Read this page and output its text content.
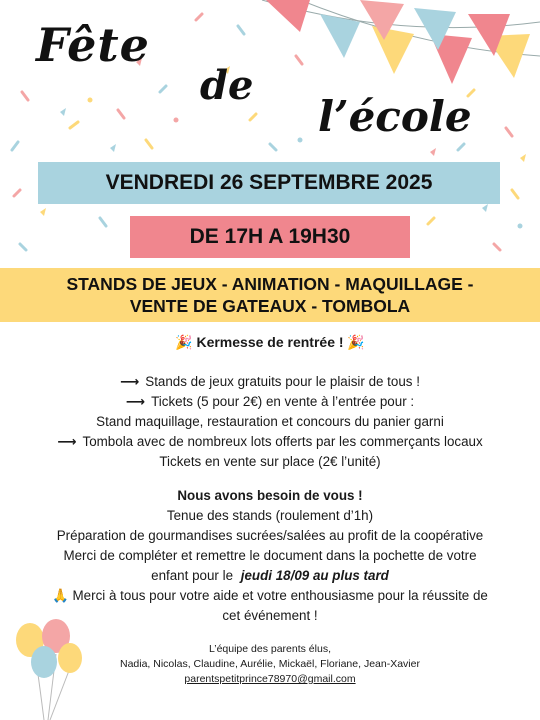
Fête
de
l’école
VENDREDI 26 SEPTEMBRE 2025
DE 17H A 19H30
STANDS DE JEUX - ANIMATION - MAQUILLAGE -
VENTE DE GATEAUX - TOMBOLA
🎉 Kermesse de rentrée ! 🎉
⟶ Stands de jeux gratuits pour le plaisir de tous !
⟶ Tickets (5 pour 2€) en vente à l’entrée pour :
Stand maquillage, restauration et concours du panier garni
⟶ Tombola avec de nombreux lots offerts par les commerçants locaux
Tickets en vente sur place (2€ l’unité)
Nous avons besoin de vous !
Tenue des stands (roulement d’1h)
Préparation de gourmandises sucrées/salées au profit de la coopérative
Merci de compléter et remettre le document dans la pochette de votre
enfant pour le jeudi 18/09 au plus tard
🙏 Merci à tous pour votre aide et votre enthousiasme pour la réussite de
cet événement !
L’équipe des parents élus,
Nadia, Nicolas, Claudine, Aurélie, Mickaël, Floriane, Jean-Xavier
parentspetitprince78970@gmail.com
